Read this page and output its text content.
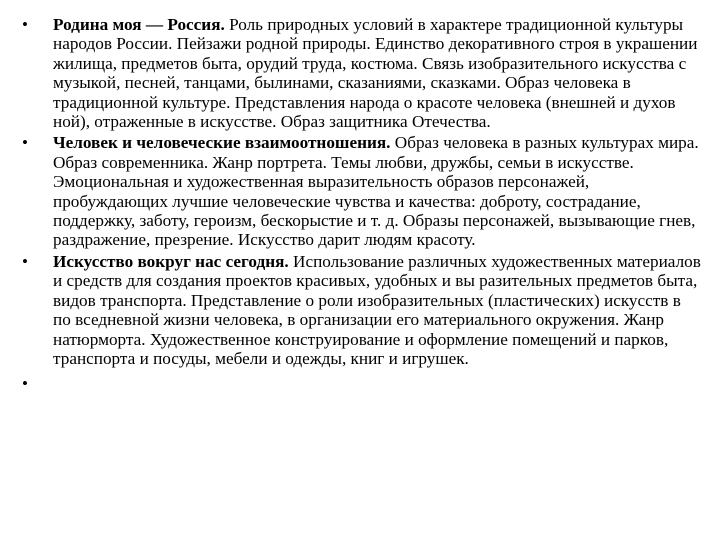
• Родина моя — Россия. Роль природных условий в характере традиционной культуры народов России. Пейзажи родной природы. Единство декоративного строя в украшении жилища, предметов быта, орудий труда, костюма. Связь изобразительного искусства с музыкой, песней, танцами, былинами, сказаниями, сказками. Образ человека в традиционной культуре. Представления народа о красоте человека (внешней и духов ной), отраженные в искусстве. Образ защитника Отечества.
• Человек и человеческие взаимоотношения. Образ человека в разных культурах мира. Образ современника. Жанр портрета. Темы любви, дружбы, семьи в искусстве. Эмоциональная и художественная выразительность образов персонажей, пробуждающих лучшие человеческие чувства и качества: доброту, сострадание, поддержку, заботу, героизм, бескорыстие и т. д. Образы персонажей, вызывающие гнев, раздражение, презрение. Искусство дарит людям красоту.
• Искусство вокруг нас сегодня. Использование различных художественных материалов и средств для создания проектов красивых, удобных и вы разительных предметов быта, видов транспорта. Представление о роли изобразительных (пластических) искусств в по вседневной жизни человека, в организации его материального окружения. Жанр натюрморта. Художественное конструирование и оформление помещений и парков, транспорта и посуды, мебели и одежды, книг и игрушек.
•
